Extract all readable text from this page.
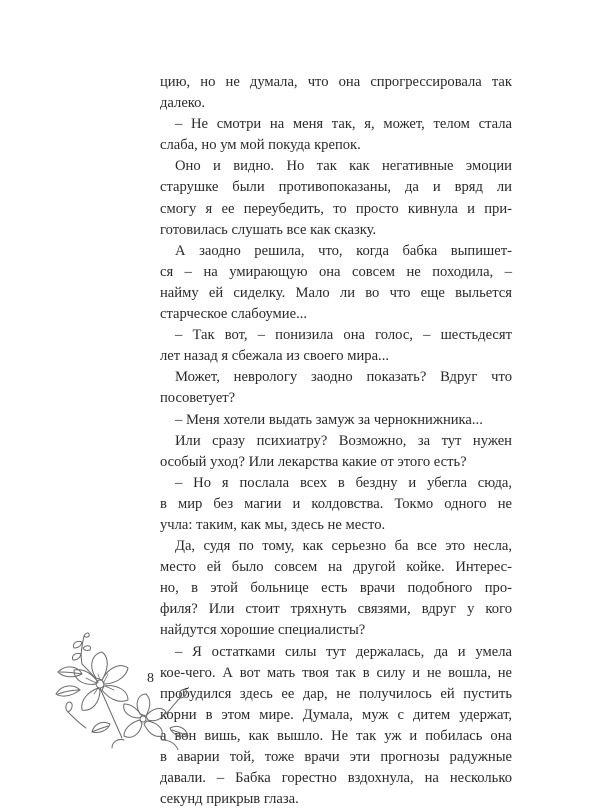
цию, но не думала, что она спрогрессировала так
далеко.
– Не смотри на меня так, я, может, телом стала
слаба, но ум мой покуда крепок.
Оно и видно. Но так как негативные эмоции
старушке были противопоказаны, да и вряд ли
смогу я ее переубедить, то просто кивнула и при-
готовилась слушать все как сказку.
А заодно решила, что, когда бабка выпишет-
ся – на умирающую она совсем не походила, –
найму ей сиделку. Мало ли во что еще выльется
старческое слабоумие...
– Так вот, – понизила она голос, – шестьдесят
лет назад я сбежала из своего мира...
Может, неврологу заодно показать? Вдруг что
посоветует?
– Меня хотели выдать замуж за чернокнижника...
Или сразу психиатру? Возможно, за тут нужен
особый уход? Или лекарства какие от этого есть?
– Но я послала всех в бездну и убегла сюда,
в мир без магии и колдовства. Токмо одного не
учла: таким, как мы, здесь не место.
Да, судя по тому, как серьезно ба все это несла,
место ей было совсем на другой койке. Интерес-
но, в этой больнице есть врачи подобного про-
филя? Или стоит тряхнуть связями, вдруг у кого
найдутся хорошие специалисты?
– Я остатками силы тут держалась, да и умела
кое-чего. А вот мать твоя так в силу и не вошла, не
пробудился здесь ее дар, не получилось ей пустить
корни в этом мире. Думала, муж с дитем удержат,
а вон вишь, как вышло. Не так уж и побилась она
в аварии той, тоже врачи эти прогнозы радужные
давали. – Бабка горестно вздохнула, на несколько
секунд прикрыв глаза.
8
